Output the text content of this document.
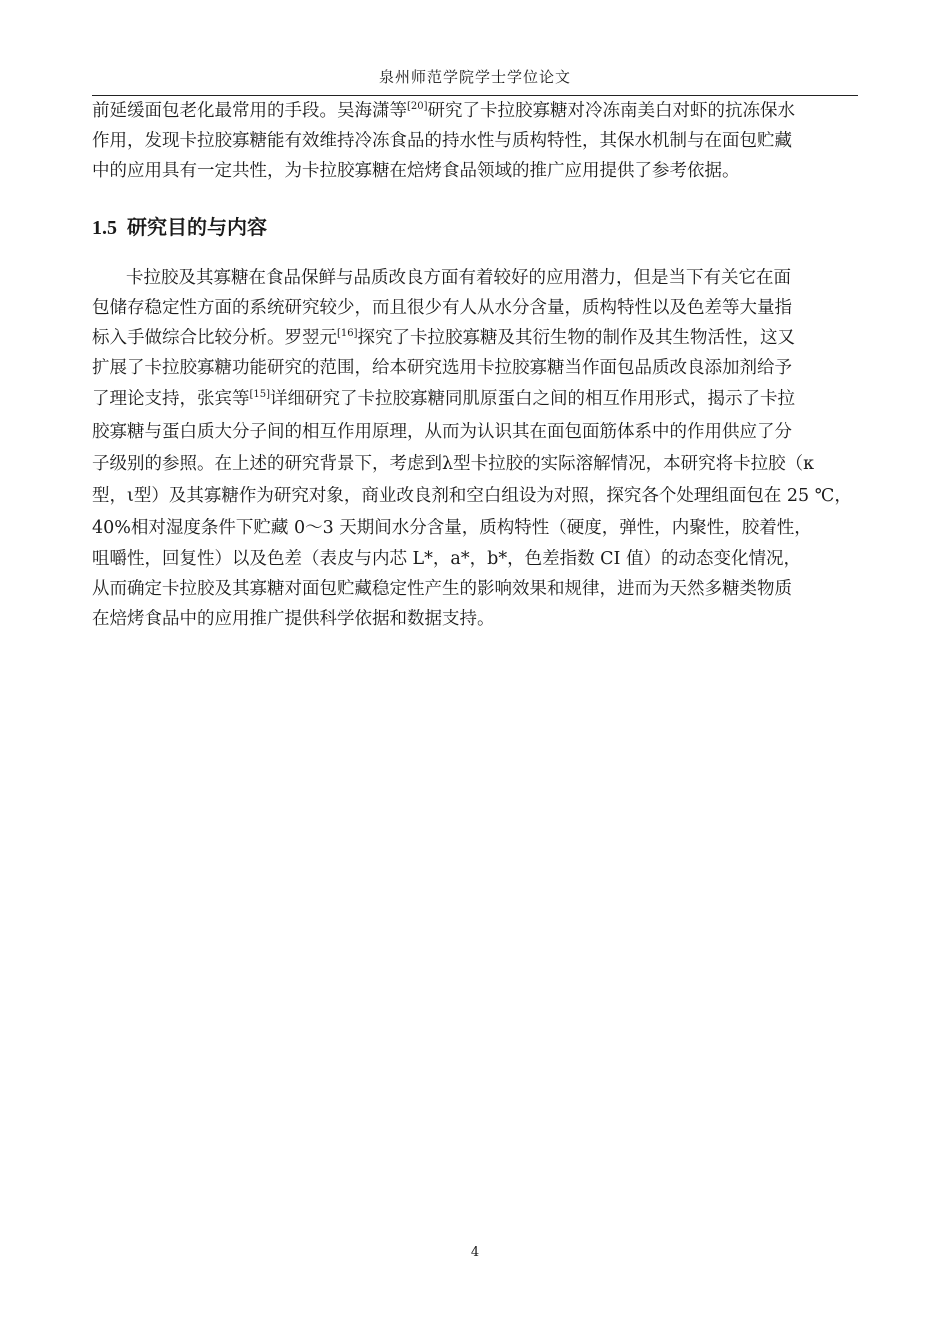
泉州师范学院学士学位论文
前延缓面包老化最常用的手段。吴海潇等[20]研究了卡拉胶寡糖对冷冻南美白对虾的抗冻保水
作用，发现卡拉胶寡糖能有效维持冷冻食品的持水性与质构特性，其保水机制与在面包贮藏
中的应用具有一定共性，为卡拉胶寡糖在焙烤食品领域的推广应用提供了参考依据。
1.5 研究目的与内容
卡拉胶及其寡糖在食品保鲜与品质改良方面有着较好的应用潜力，但是当下有关它在面
包储存稳定性方面的系统研究较少，而且很少有人从水分含量，质构特性以及色差等大量指
标入手做综合比较分析。罗翌元[16]探究了卡拉胶寡糖及其衍生物的制作及其生物活性，这又
扩展了卡拉胶寡糖功能研究的范围，给本研究选用卡拉胶寡糖当作面包品质改良添加剂给予
了理论支持，张宾等[15]详细研究了卡拉胶寡糖同肌原蛋白之间的相互作用形式，揭示了卡拉
胶寡糖与蛋白质大分子间的相互作用原理，从而为认识其在面包面筋体系中的作用供应了分
子级别的参照。在上述的研究背景下，考虑到λ型卡拉胶的实际溶解情况，本研究将卡拉胶（κ
型，ι型）及其寡糖作为研究对象，商业改良剂和空白组设为对照，探究各个处理组面包在 25 ℃，
40%相对湿度条件下贮藏 0～3 天期间水分含量，质构特性（硬度，弹性，内聚性，胶着性，
咀嚼性，回复性）以及色差（表皮与内芯 L*，a*，b*，色差指数 CI 值）的动态变化情况，
从而确定卡拉胶及其寡糖对面包贮藏稳定性产生的影响效果和规律，进而为天然多糖类物质
在焙烤食品中的应用推广提供科学依据和数据支持。
4
